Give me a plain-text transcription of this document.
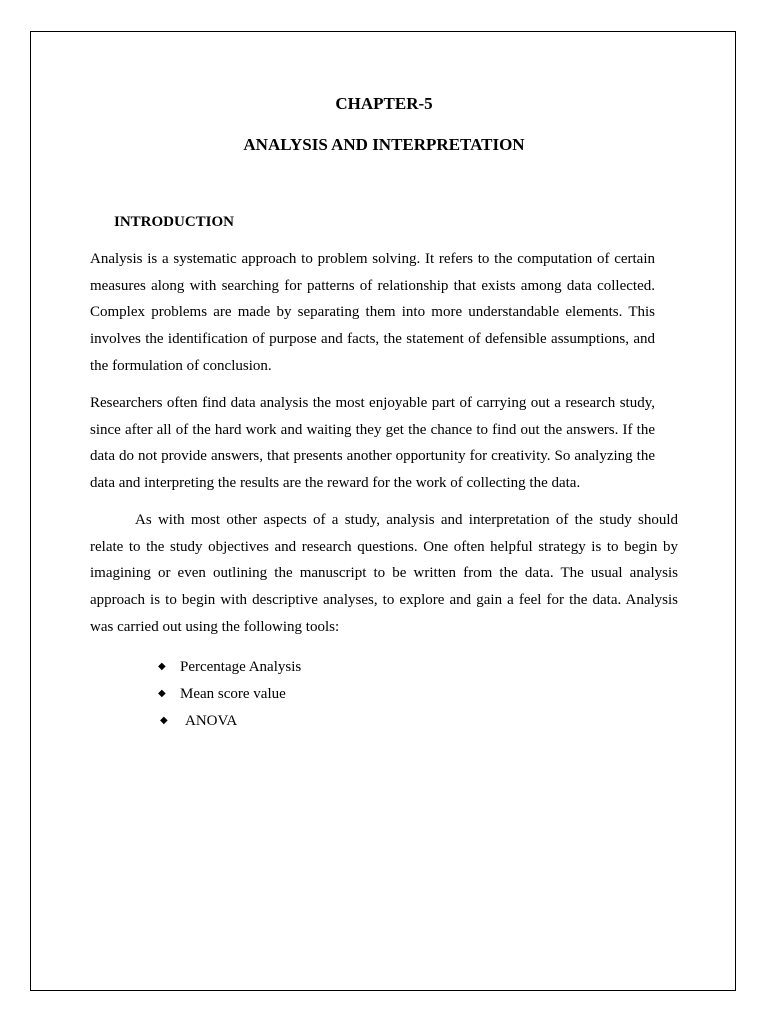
CHAPTER-5
ANALYSIS AND INTERPRETATION
INTRODUCTION

Analysis is a systematic approach to problem solving. It refers to the computation of certain measures along with searching for patterns of relationship that exists among data collected. Complex problems are made by separating them into more understandable elements. This involves the identification of purpose and facts, the statement of defensible assumptions, and the formulation of conclusion.

Researchers often find data analysis the most enjoyable part of carrying out a research study, since after all of the hard work and waiting they get the chance to find out the answers. If the data do not provide answers, that presents another opportunity for creativity. So analyzing the data and interpreting the results are the reward for the work of collecting the data.

As with most other aspects of a study, analysis and interpretation of the study should relate to the study objectives and research questions. One often helpful strategy is to begin by imagining or even outlining the manuscript to be written from the data. The usual analysis approach is to begin with descriptive analyses, to explore and gain a feel for the data. Analysis was carried out using the following tools:

◆ Percentage Analysis
◆ Mean score value
◆	ANOVA
